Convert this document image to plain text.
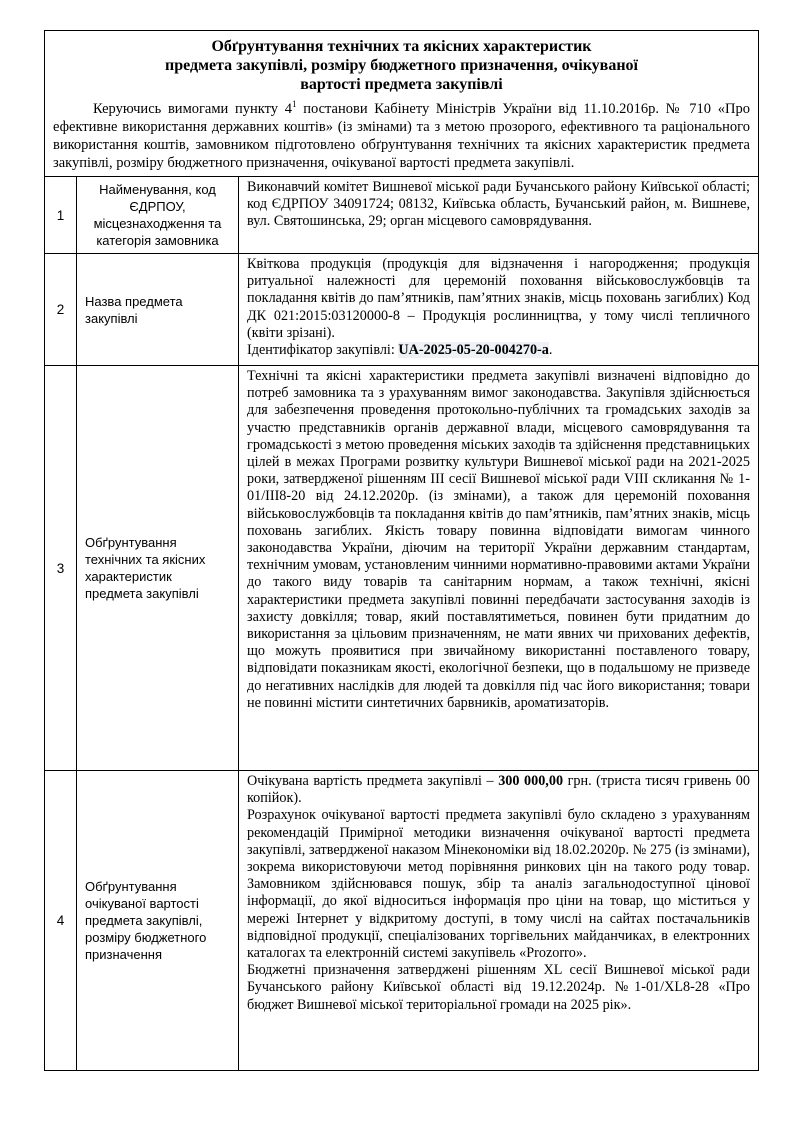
Обґрунтування технічних та якісних характеристик
предмета закупівлі, розміру бюджетного призначення, очікуваної
вартості предмета закупівлі

Керуючись вимогами пункту $4^1$ постанови Кабінету Міністрів України від 11.10.2016р. № 710 «Про ефективне використання державних коштів» (із змінами) та з метою прозорого, ефективного та раціонального використання коштів, замовником підготовлено обґрунтування технічних та якісних характеристик предмета закупівлі, розміру бюджетного призначення, очікуваної вартості предмета закупівлі.		

1	Найменування, код ЄДРПОУ, місцезнаходження та категорія замовника	Виконавчий комітет Вишневої міської ради Бучанського району Київської області; код ЄДРПОУ 34091724; 08132, Київська область, Бучанський район, м. Вишневе, вул. Святошинська, 29; орган місцевого самоврядування.

2	Назва предмета закупівлі	Квіткова продукція (продукція для відзначення і нагородження; продукція ритуальної належності для церемоній поховання військовослужбовців та покладання квітів до пам’ятників, пам’ятних знаків, місць поховань загиблих) Код ДК 021:2015:03120000-8 – Продукція рослинництва, у тому числі тепличного (квіти зрізані).

Ідентифікатор закупівлі: UA-2025-05-20-004270-a.

3	Обґрунтування технічних та якісних характеристик предмета закупівлі	Технічні та якісні характеристики предмета закупівлі визначені відповідно до потреб замовника та з урахуванням вимог законодавства. Закупівля здійснюється для забезпечення проведення протокольно-публічних та громадських заходів за участю представників органів державної влади, місцевого самоврядування та громадськості з метою проведення міських заходів та здійснення представницьких цілей в межах Програми розвитку культури Вишневої міської ради на 2021-2025 роки, затвердженої рішенням ІІІ сесії Вишневої міської ради VIII скликання № 1-01/ІІІ8-20 від 24.12.2020р. (із змінами), а також для церемоній поховання військовослужбовців та покладання квітів до пам’ятників, пам’ятних знаків, місць поховань загиблих. Якість товару повинна відповідати вимогам чинного законодавства України, діючим на території України державним стандартам, технічним умовам, установленим чинними нормативно-правовими актами України до такого виду товарів та санітарним нормам, а також технічні, якісні характеристики предмета закупівлі повинні передбачати застосування заходів із захисту довкілля; товар, який поставлятиметься, повинен бути придатним до використання за цільовим призначенням, не мати явних чи прихованих дефектів, що можуть проявитися при звичайному використанні поставленого товару, відповідати показникам якості, екологічної безпеки, що в подальшому не призведе до негативних наслідків для людей та довкілля під час його використання; товари не повинні містити синтетичних барвників, ароматизаторів.

4	Обґрунтування очікуваної вартості предмета закупівлі, розміру бюджетного призначення	Очікувана вартість предмета закупівлі – 300 000,00 грн. (триста тисяч гривень 00 копійок).

Розрахунок очікуваної вартості предмета закупівлі було складено з урахуванням рекомендацій Примірної методики визначення очікуваної вартості предмета закупівлі, затвердженої наказом Мінекономіки від 18.02.2020р. № 275 (із змінами), зокрема використовуючи метод порівняння ринкових цін на такого роду товар. Замовником здійснювався пошук, збір та аналіз загальнодоступної цінової інформації, до якої відноситься інформація про ціни на товар, що міститься у мережі Інтернет у відкритому доступі, в тому числі на сайтах постачальників відповідної продукції, спеціалізованих торгівельних майданчиках, в електронних каталогах та електронній системі закупівель «Prozorro».

Бюджетні призначення затверджені рішенням XL сесії Вишневої міської ради Бучанського району Київської області від 19.12.2024р. №1-01/XL8-28 «Про бюджет Вишневої міської територіальної громади на 2025 рік».
